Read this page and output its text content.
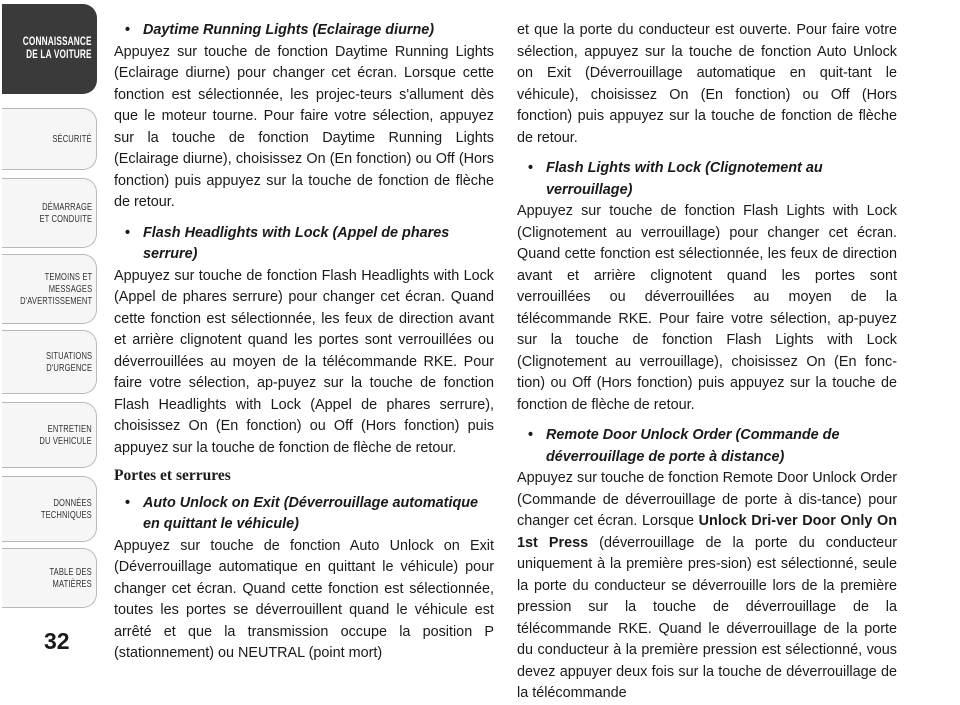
CONNAISSANCE
DE LA VOITURE
SÉCURITÉ
DÉMARRAGE
ET CONDUITE
TEMOINS ET
MESSAGES
D'AVERTISSEMENT
SITUATIONS
D'URGENCE
ENTRETIEN
DU VEHICULE
DONNÉES
TECHNIQUES
TABLE DES
MATIÈRES
32

• Daytime Running Lights (Eclairage diurne)

Appuyez sur touche de fonction Daytime Running Lights (Eclairage diurne) pour changer cet écran. Lorsque cette fonction est sélectionnée, les projec-teurs s'allument dès que le moteur tourne. Pour faire votre sélection, appuyez sur la touche de fonction Daytime Running Lights (Eclairage diurne), choisissez On (En fonction) ou Off (Hors fonction) puis appuyez sur la touche de fonction de flèche de retour.

• Flash Headlights with Lock (Appel de phares serrure)

Appuyez sur touche de fonction Flash Headlights with Lock (Appel de phares serrure) pour changer cet écran. Quand cette fonction est sélectionnée, les feux de direction avant et arrière clignotent quand les portes sont verrouillées ou déverrouillées au moyen de la télécommande RKE. Pour faire votre sélection, ap-puyez sur la touche de fonction Flash Headlights with Lock (Appel de phares serrure), choisissez On (En fonction) ou Off (Hors fonction) puis appuyez sur la touche de fonction de flèche de retour.

Portes et serrures

• Auto Unlock on Exit (Déverrouillage automatique en quittant le véhicule)

Appuyez sur touche de fonction Auto Unlock on Exit (Déverrouillage automatique en quittant le véhicule) pour changer cet écran. Quand cette fonction est sélectionnée, toutes les portes se déverrouillent quand le véhicule est arrêté et que la transmission occupe la position P (stationnement) ou NEUTRAL (point mort)

et que la porte du conducteur est ouverte. Pour faire votre sélection, appuyez sur la touche de fonction Auto Unlock on Exit (Déverrouillage automatique en quit-tant le véhicule), choisissez On (En fonction) ou Off (Hors fonction) puis appuyez sur la touche de fonction de flèche de retour.

• Flash Lights with Lock (Clignotement au verrouillage)

Appuyez sur touche de fonction Flash Lights with Lock (Clignotement au verrouillage) pour changer cet écran. Quand cette fonction est sélectionnée, les feux de direction avant et arrière clignotent quand les portes sont verrouillées ou déverrouillées au moyen de la télécommande RKE. Pour faire votre sélection, ap-puyez sur la touche de fonction Flash Lights with Lock (Clignotement au verrouillage), choisissez On (En fonc-tion) ou Off (Hors fonction) puis appuyez sur la touche de fonction de flèche de retour.

• Remote Door Unlock Order (Commande de déverrouillage de porte à distance)

Appuyez sur touche de fonction Remote Door Unlock Order (Commande de déverrouillage de porte à dis-tance) pour changer cet écran. Lorsque Unlock Dri-ver Door Only On 1st Press (déverrouillage de la porte du conducteur uniquement à la première pres-sion) est sélectionné, seule la porte du conducteur se déverrouille lors de la première pression sur la touche de déverrouillage de la télécommande RKE. Quand le déverrouillage de la porte du conducteur à la première pression est sélectionné, vous devez appuyer deux fois sur la touche de déverrouillage de la télécommande
